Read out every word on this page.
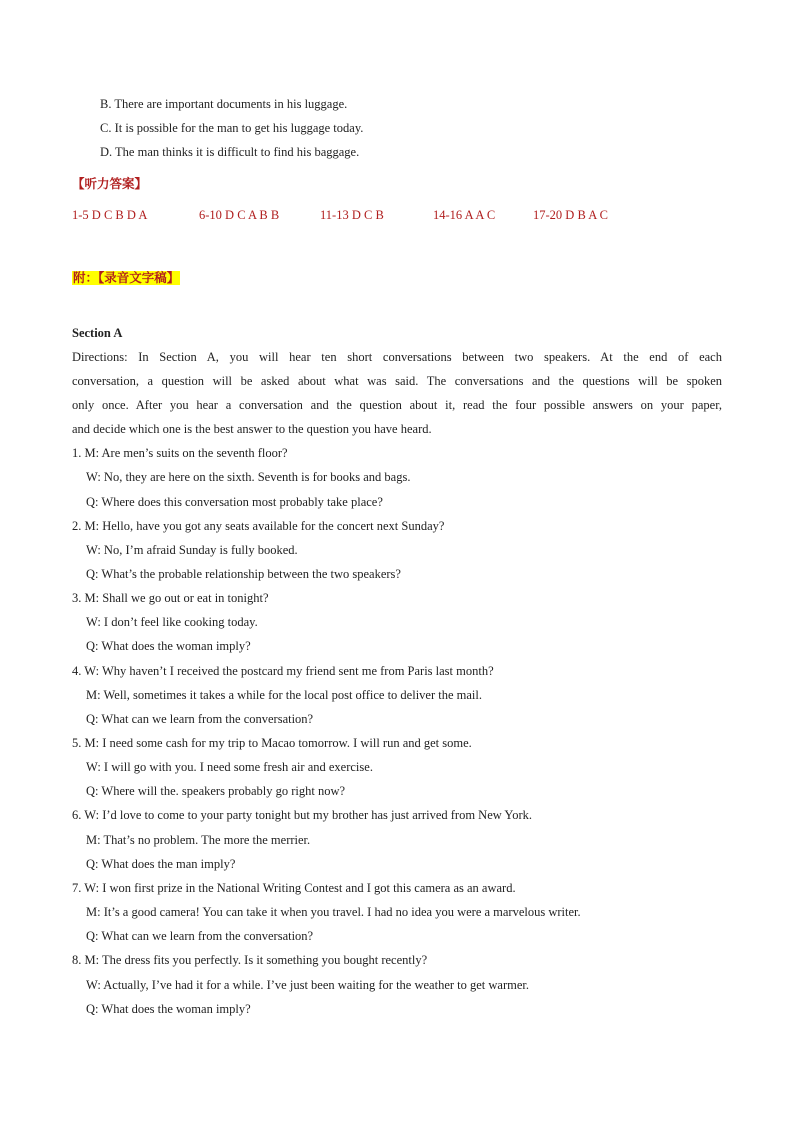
B. There are important documents in his luggage.
C. It is possible for the man to get his luggage today.
D. The man thinks it is difficult to find his baggage.
【听力答案】
1-5 D C B D A	6-10 D C A B B	11-13 D C B	14-16 A A C	17-20 D B A C
附：【录音文字稿】
Section A
Directions: In Section A, you will hear ten short conversations between two speakers. At the end of each
conversation, a question will be asked about what was said. The conversations and the questions will be spoken
only once. After you hear a conversation and the question about it, read the four possible answers on your paper,
and decide which one is the best answer to the question you have heard.
1. M: Are men’s suits on the seventh floor?
W: No, they are here on the sixth. Seventh is for books and bags.
Q: Where does this conversation most probably take place?
2. M: Hello, have you got any seats available for the concert next Sunday?
W: No, I’m afraid Sunday is fully booked.
Q: What’s the probable relationship between the two speakers?
3. M: Shall we go out or eat in tonight?
W: I don’t feel like cooking today.
Q: What does the woman imply?
4. W: Why haven’t I received the postcard my friend sent me from Paris last month?
M: Well, sometimes it takes a while for the local post office to deliver the mail.
Q: What can we learn from the conversation?
5. M: I need some cash for my trip to Macao tomorrow. I will run and get some.
W: I will go with you. I need some fresh air and exercise.
Q: Where will the. speakers probably go right now?
6. W: I’d love to come to your party tonight but my brother has just arrived from New York.
M: That’s no problem. The more the merrier.
Q: What does the man imply?
7. W: I won first prize in the National Writing Contest and I got this camera as an award.
M: It’s a good camera! You can take it when you travel. I had no idea you were a marvelous writer.
Q: What can we learn from the conversation?
8. M: The dress fits you perfectly. Is it something you bought recently?
W: Actually, I’ve had it for a while. I’ve just been waiting for the weather to get warmer.
Q: What does the woman imply?
